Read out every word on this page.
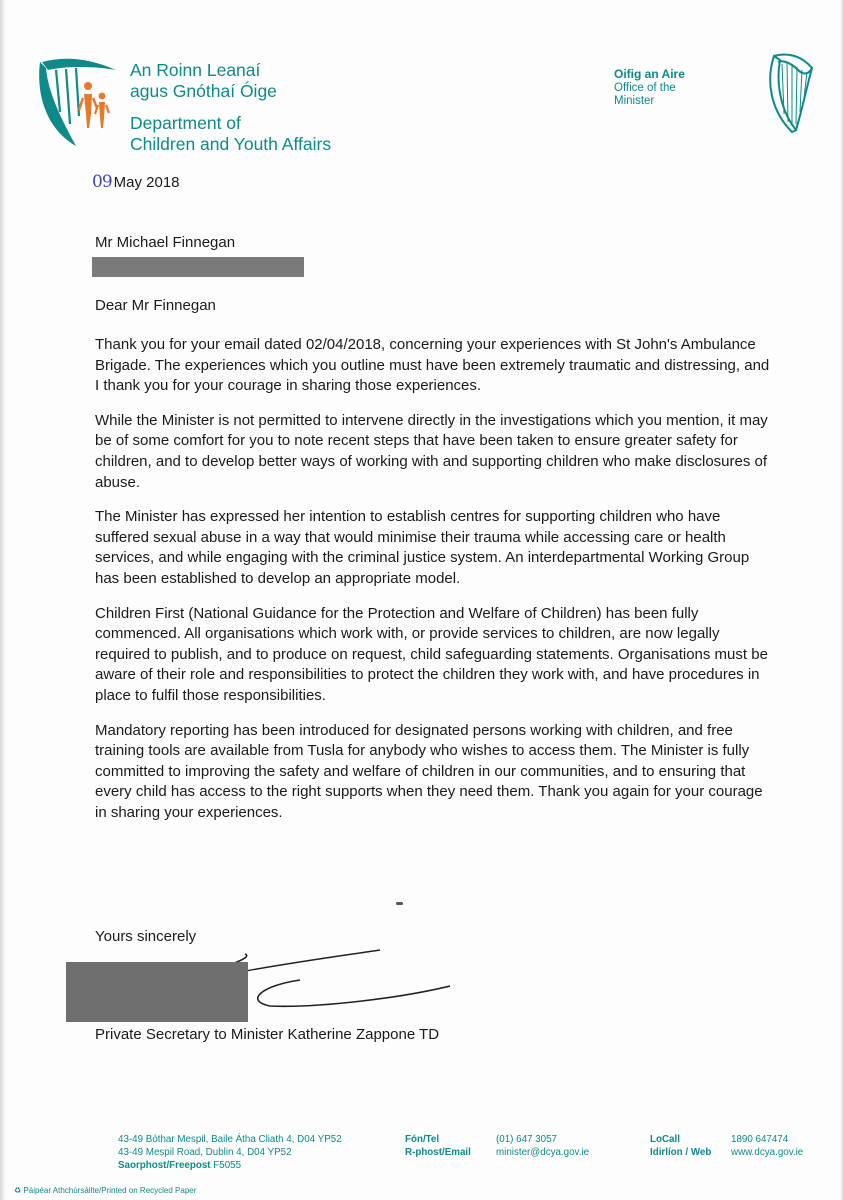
An Roinn Leanaí
agus Gnóthaí Óige
Department of
Children and Youth Affairs
Oifig an Aire
Office of the
Minister
09 May 2018
Mr Michael Finnegan
Dear Mr Finnegan

Thank you for your email dated 02/04/2018, concerning your experiences with St John's Ambulance Brigade. The experiences which you outline must have been extremely traumatic and distressing, and I thank you for your courage in sharing those experiences.

While the Minister is not permitted to intervene directly in the investigations which you mention, it may be of some comfort for you to note recent steps that have been taken to ensure greater safety for children, and to develop better ways of working with and supporting children who make disclosures of abuse.

The Minister has expressed her intention to establish centres for supporting children who have suffered sexual abuse in a way that would minimise their trauma while accessing care or health services, and while engaging with the criminal justice system. An interdepartmental Working Group has been established to develop an appropriate model.

Children First (National Guidance for the Protection and Welfare of Children) has been fully commenced. All organisations which work with, or provide services to children, are now legally required to publish, and to produce on request, child safeguarding statements. Organisations must be aware of their role and responsibilities to protect the children they work with, and have procedures in place to fulfil those responsibilities.

Mandatory reporting has been introduced for designated persons working with children, and free training tools are available from Tusla for anybody who wishes to access them. The Minister is fully committed to improving the safety and welfare of children in our communities, and to ensuring that every child has access to the right supports when they need them. Thank you again for your courage in sharing your experiences.

Yours sincerely
Private Secretary to Minister Katherine Zappone TD
43-49 Bóthar Mespil, Baile Átha Cliath 4, D04 YP52
43-49 Mespil Road, Dublin 4, D04 YP52
Saorphost/Freepost F5055
Fón/Tel
R-phost/Email
(01) 647 3057
minister@dcya.gov.ie
LoCall
Idirlíon / Web
1890 647474
www.dcya.gov.ie
♻ Páipéar Athchúrsáilte/Printed on Recycled Paper
